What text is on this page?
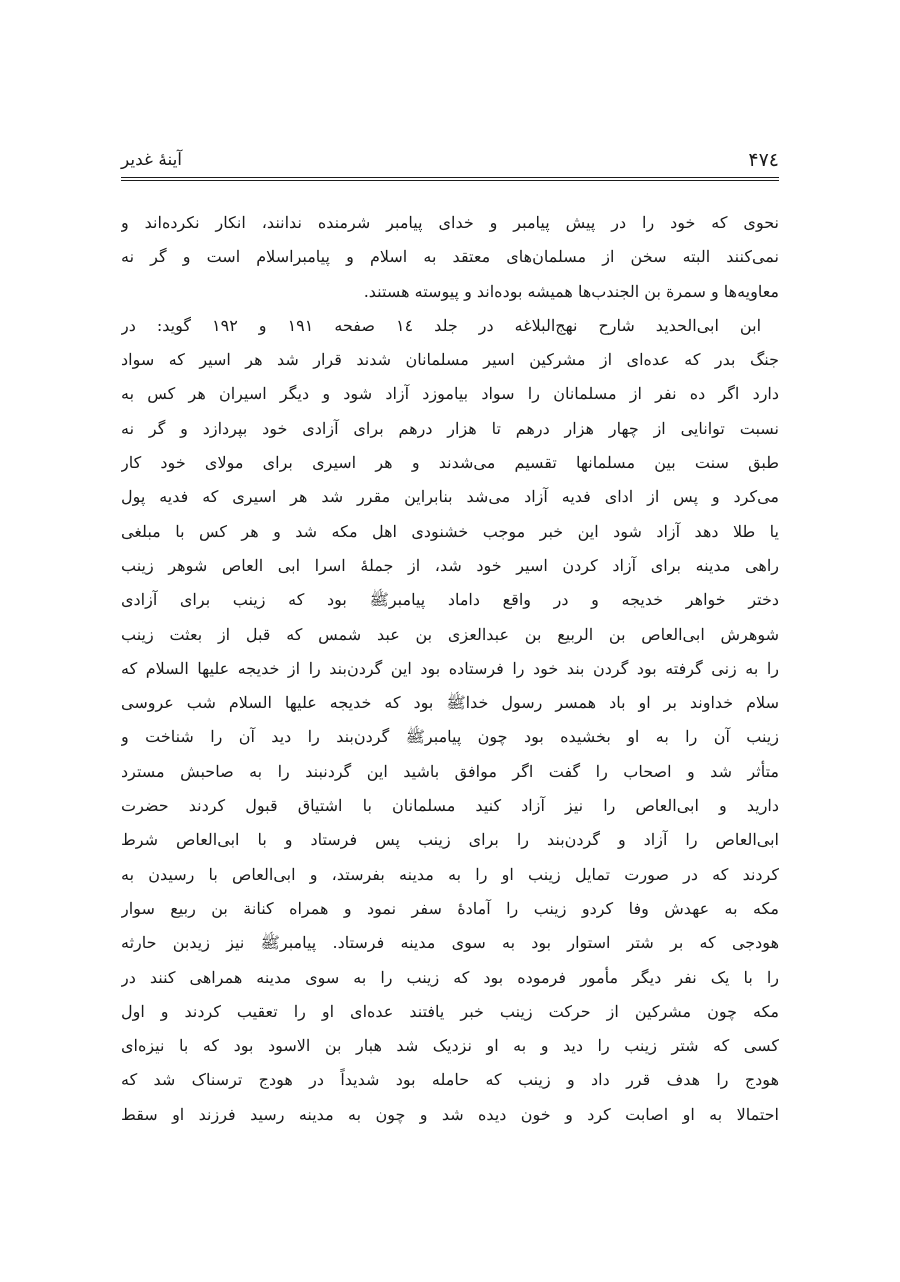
۴۷٤
آینهٔ غدیر
نحوی که خود را در پیش پیامبر و خدای پیامبر شرمنده ندانند، انکار نکرده‌اند و
نمی‌کنند البته سخن از مسلمان‌های معتقد به اسلام و پیامبراسلام است و گر نه
معاویه‌ها و سمرة بن الجندب‌ها همیشه بوده‌اند و پیوسته هستند.
ابن ابی‌الحدید شارح نهج‌البلاغه در جلد ١٤ صفحه ١٩١ و ١٩٢ گوید: در
جنگ بدر که عده‌ای از مشرکین اسیر مسلمانان شدند قرار شد هر اسیر که سواد
دارد اگر ده نفر از مسلمانان را سواد بیاموزد آزاد شود و دیگر اسیران هر کس به
نسبت توانایی از چهار هزار درهم تا هزار درهم برای آزادی خود بپردازد و گر نه
طبق سنت بین مسلمانها تقسیم می‌شدند و هر اسیری برای مولای خود کار
می‌کرد و پس از ادای فدیه آزاد می‌شد بنابراین مقرر شد هر اسیری که فدیه پول
یا طلا دهد آزاد شود این خبر موجب خشنودی اهل مکه شد و هر کس با مبلغی
راهی مدینه برای آزاد کردن اسیر خود شد، از جملهٔ اسرا ابی العاص شوهر زینب
دختر خواهر خدیجه و در واقع داماد پیامبرﷺ بود که زینب برای آزادی
شوهرش ابی‌العاص بن الربیع بن عبدالعزی بن عبد شمس که قبل از بعثت زینب
را به زنی گرفته بود گردن بند خود را فرستاده بود این گردن‌بند را از خدیجه علیها السلام که
سلام خداوند بر او باد همسر رسول خداﷺ بود که خدیجه علیها السلام شب عروسی
زینب آن را به او بخشیده بود چون پیامبرﷺ گردن‌بند را دید آن را شناخت و
متأثر شد و اصحاب را گفت اگر موافق باشید این گردنبند را به صاحبش مسترد
دارید و ابی‌العاص را نیز آزاد کنید مسلمانان با اشتیاق قبول کردند حضرت
ابی‌العاص را آزاد و گردن‌بند را برای زینب پس فرستاد و با ابی‌العاص شرط
کردند که در صورت تمایل زینب او را به مدینه بفرستد، و ابی‌العاص با رسیدن به
مکه به عهدش وفا کردو زینب را آمادهٔ سفر نمود و همراه کنانة بن ربیع سوار
هودجی که بر شتر استوار بود به سوی مدینه فرستاد. پیامبرﷺ نیز زیدبن حارثه
را با یک نفر دیگر مأمور فرموده بود که زینب را به سوی مدینه همراهی کنند در
مکه چون مشرکین از حرکت زینب خبر یافتند عده‌ای او را تعقیب کردند و اول
کسی که شتر زینب را دید و به او نزدیک شد هبار بن الاسود بود که با نیزه‌ای
هودج را هدف قرر داد و زینب که حامله بود شدیداً در هودج ترسناک شد که
احتمالا به او اصابت کرد و خون دیده شد و چون به مدینه رسید فرزند او سقط
